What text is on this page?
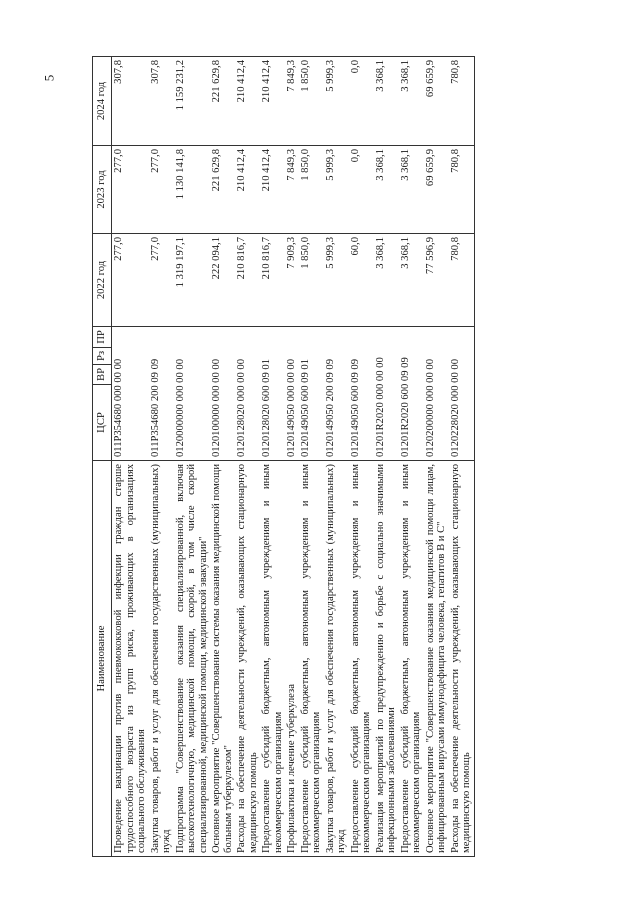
5
Наименование	ЦСР	ВР	Рз	ПР	2022 год	2023 год	2024 год
Проведение вакцинации против пневмококковой инфекции граждан старше трудоспособного возраста из групп риска, проживающих в организациях социального обслуживания	011P354680 000 00 00				277,0	277,0	307,8

Закупка товаров, работ и услуг для обеспечения государственных (муниципальных) нужд	011P354680 200 09 09				277,0	277,0	307,8

Подпрограмма "Совершенствование оказания специализированной, включая высокотехнологичную, медицинской помощи, скорой, в том числе скорой специализированной, медицинской помощи, медицинской эвакуации"	0120000000 000 00 00				1 319 197,1	1 130 141,8	1 159 231,2

Основное мероприятие "Совершенствование системы оказания медицинской помощи больным туберкулезом"	0120100000 000 00 00				222 094,1	221 629,8	221 629,8

Расходы на обеспечение деятельности учреждений, оказывающих стационарную медицинскую помощь	0120128020 000 00 00				210 816,7	210 412,4	210 412,4

Предоставление субсидий бюджетным, автономным учреждениям и иным некоммерческим организациям	0120128020 600 09 01				210 816,7	210 412,4	210 412,4

Профилактика и лечение туберкулеза	0120149050 000 00 00				7 909,3	7 849,3	7 849,3

Предоставление субсидий бюджетным, автономным учреждениям и иным некоммерческим организациям	0120149050 600 09 01				1 850,0	1 850,0	1 850,0

Закупка товаров, работ и услуг для обеспечения государственных (муниципальных) нужд	0120149050 200 09 09				5 999,3	5 999,3	5 999,3

Предоставление субсидий бюджетным, автономным учреждениям и иным некоммерческим организациям	0120149050 600 09 09				60,0	0,0	0,0

Реализация мероприятий по предупреждению и борьбе с социально значимыми инфекционными заболеваниями	01201R2020 000 00 00				3 368,1	3 368,1	3 368,1

Предоставление субсидий бюджетным, автономным учреждениям и иным некоммерческим организациям	01201R2020 600 09 09				3 368,1	3 368,1	3 368,1

Основное мероприятие "Совершенствование оказания медицинской помощи лицам, инфицированным вирусами иммунодефицита человека, гепатитов В и С"	0120200000 000 00 00				77 596,9	69 659,9	69 659,9

Расходы на обеспечение деятельности учреждений, оказывающих стационарную медицинскую помощь	0120228020 000 00 00				780,8	780,8	780,8
